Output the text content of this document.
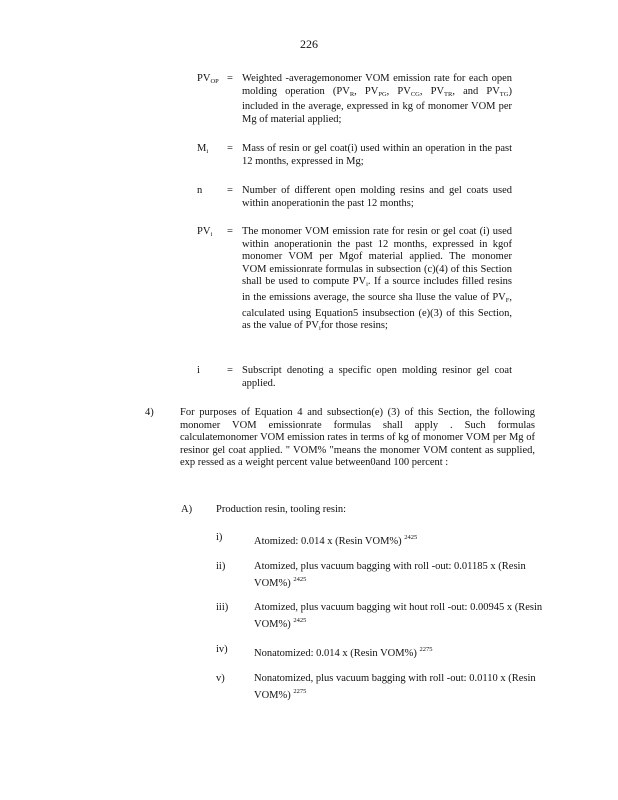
226
$PV_{OP}$ = Weighted -averagemonomer VOM emission rate for each open molding operation ($PV_R$, $PV_{PG}$, $PV_{CG}$, $PV_{TR}$, and $PV_{TG}$) included in the average, expressed in kg of monomer VOM per Mg of material applied;
$M_i$	= Mass of resin or gel coat(i) used within an operation in the past 12 months, expressed in Mg;
n	= Number of different open molding resins and gel coats used within anoperationin the past 12 months;
$PV_i$	= The monomer VOM emission rate for resin or gel coat (i) used within anoperationin the past 12 months, expressed in kgof monomer VOM per Mgof material applied. The monomer VOM emissionrate formulas in subsection (c)(4) of this Section shall be used to compute $PV_i$. If a source includes filled resins in the emissions average, the source sha lluse the value of $PV_F$, calculated using Equation5 insubsection (e)(3) of this Section, as the value of $PV_ifor$ those resins;
i	= Subscript denoting a specific open molding resinor gel coat applied.
4)	For purposes of Equation 4 and subsection(e) (3) of this Section, the following monomer VOM emissionrate formulas shall apply . Such formulas calculatemonomer VOM emission rates in terms of kg of monomer VOM per Mg of resinor gel coat applied. " VOM% "means the monomer VOM content as supplied, exp ressed as a weight percent value between0and 100 percent :
A)	Production resin, tooling resin:
i)	Atomized: 0.014 x (Resin VOM%) $^{2425}$
ii)	Atomized, plus vacuum bagging with roll -out: 0.01185 x (Resin VOM%) $^{2425}$
iii)	Atomized, plus vacuum bagging wit hout roll -out: 0.00945 x (Resin VOM%) $^{2425}$
iv)	Nonatomized: 0.014 x (Resin VOM%) $^{2275}$
v)	Nonatomized, plus vacuum bagging with roll -out: 0.0110 x (Resin VOM%) $^{2275}$
